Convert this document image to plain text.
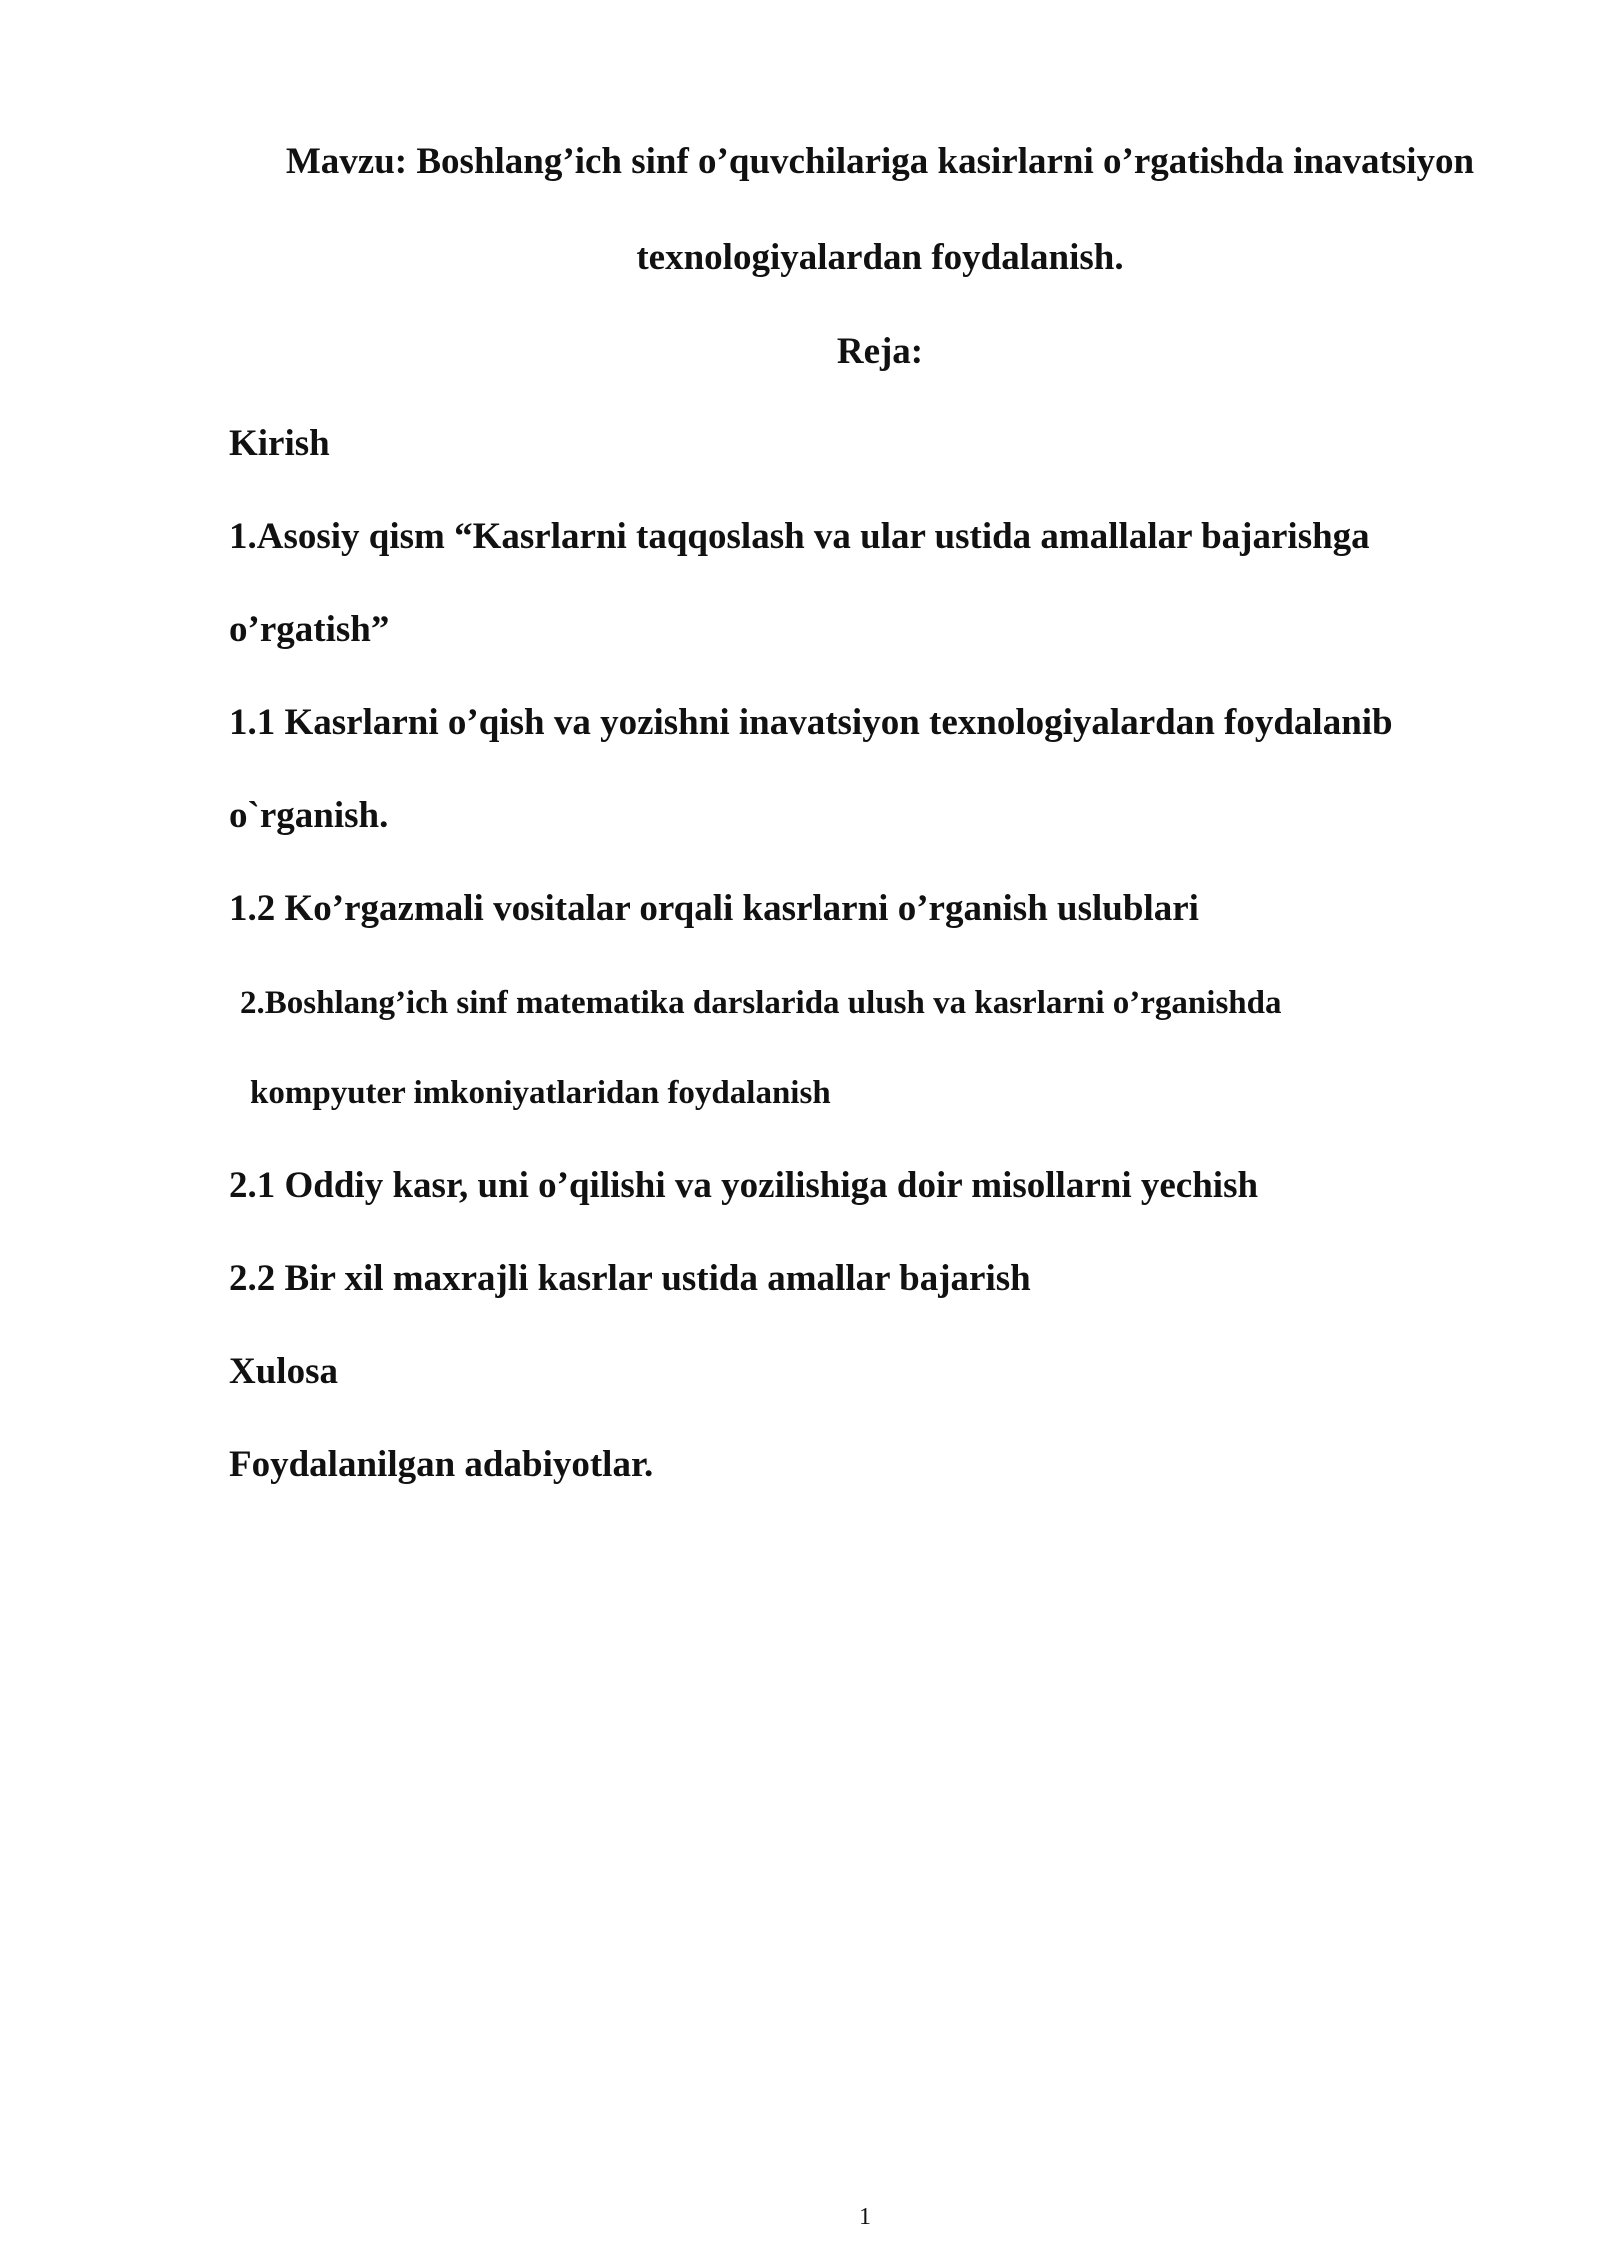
Mavzu: Boshlang’ich sinf o’quvchilariga kasirlarni o’rgatishda inavatsiyon
texnologiyalardan foydalanish.
Reja:
Kirish
1.Asosiy qism “Kasrlarni taqqoslash va ular ustida amallalar bajarishga
o’rgatish”
1.1 Kasrlarni o’qish va yozishni inavatsiyon texnologiyalardan foydalanib
o`rganish.
1.2 Ko’rgazmali vositalar orqali kasrlarni o’rganish uslublari
2.Boshlang’ich sinf matematika darslarida ulush va kasrlarni o’rganishda
kompyuter imkoniyatlaridan foydalanish
2.1 Oddiy kasr, uni o’qilishi va yozilishiga doir misollarni yechish
2.2 Bir xil maxrajli kasrlar ustida amallar bajarish
Xulosa
Foydalanilgan adabiyotlar.
1
